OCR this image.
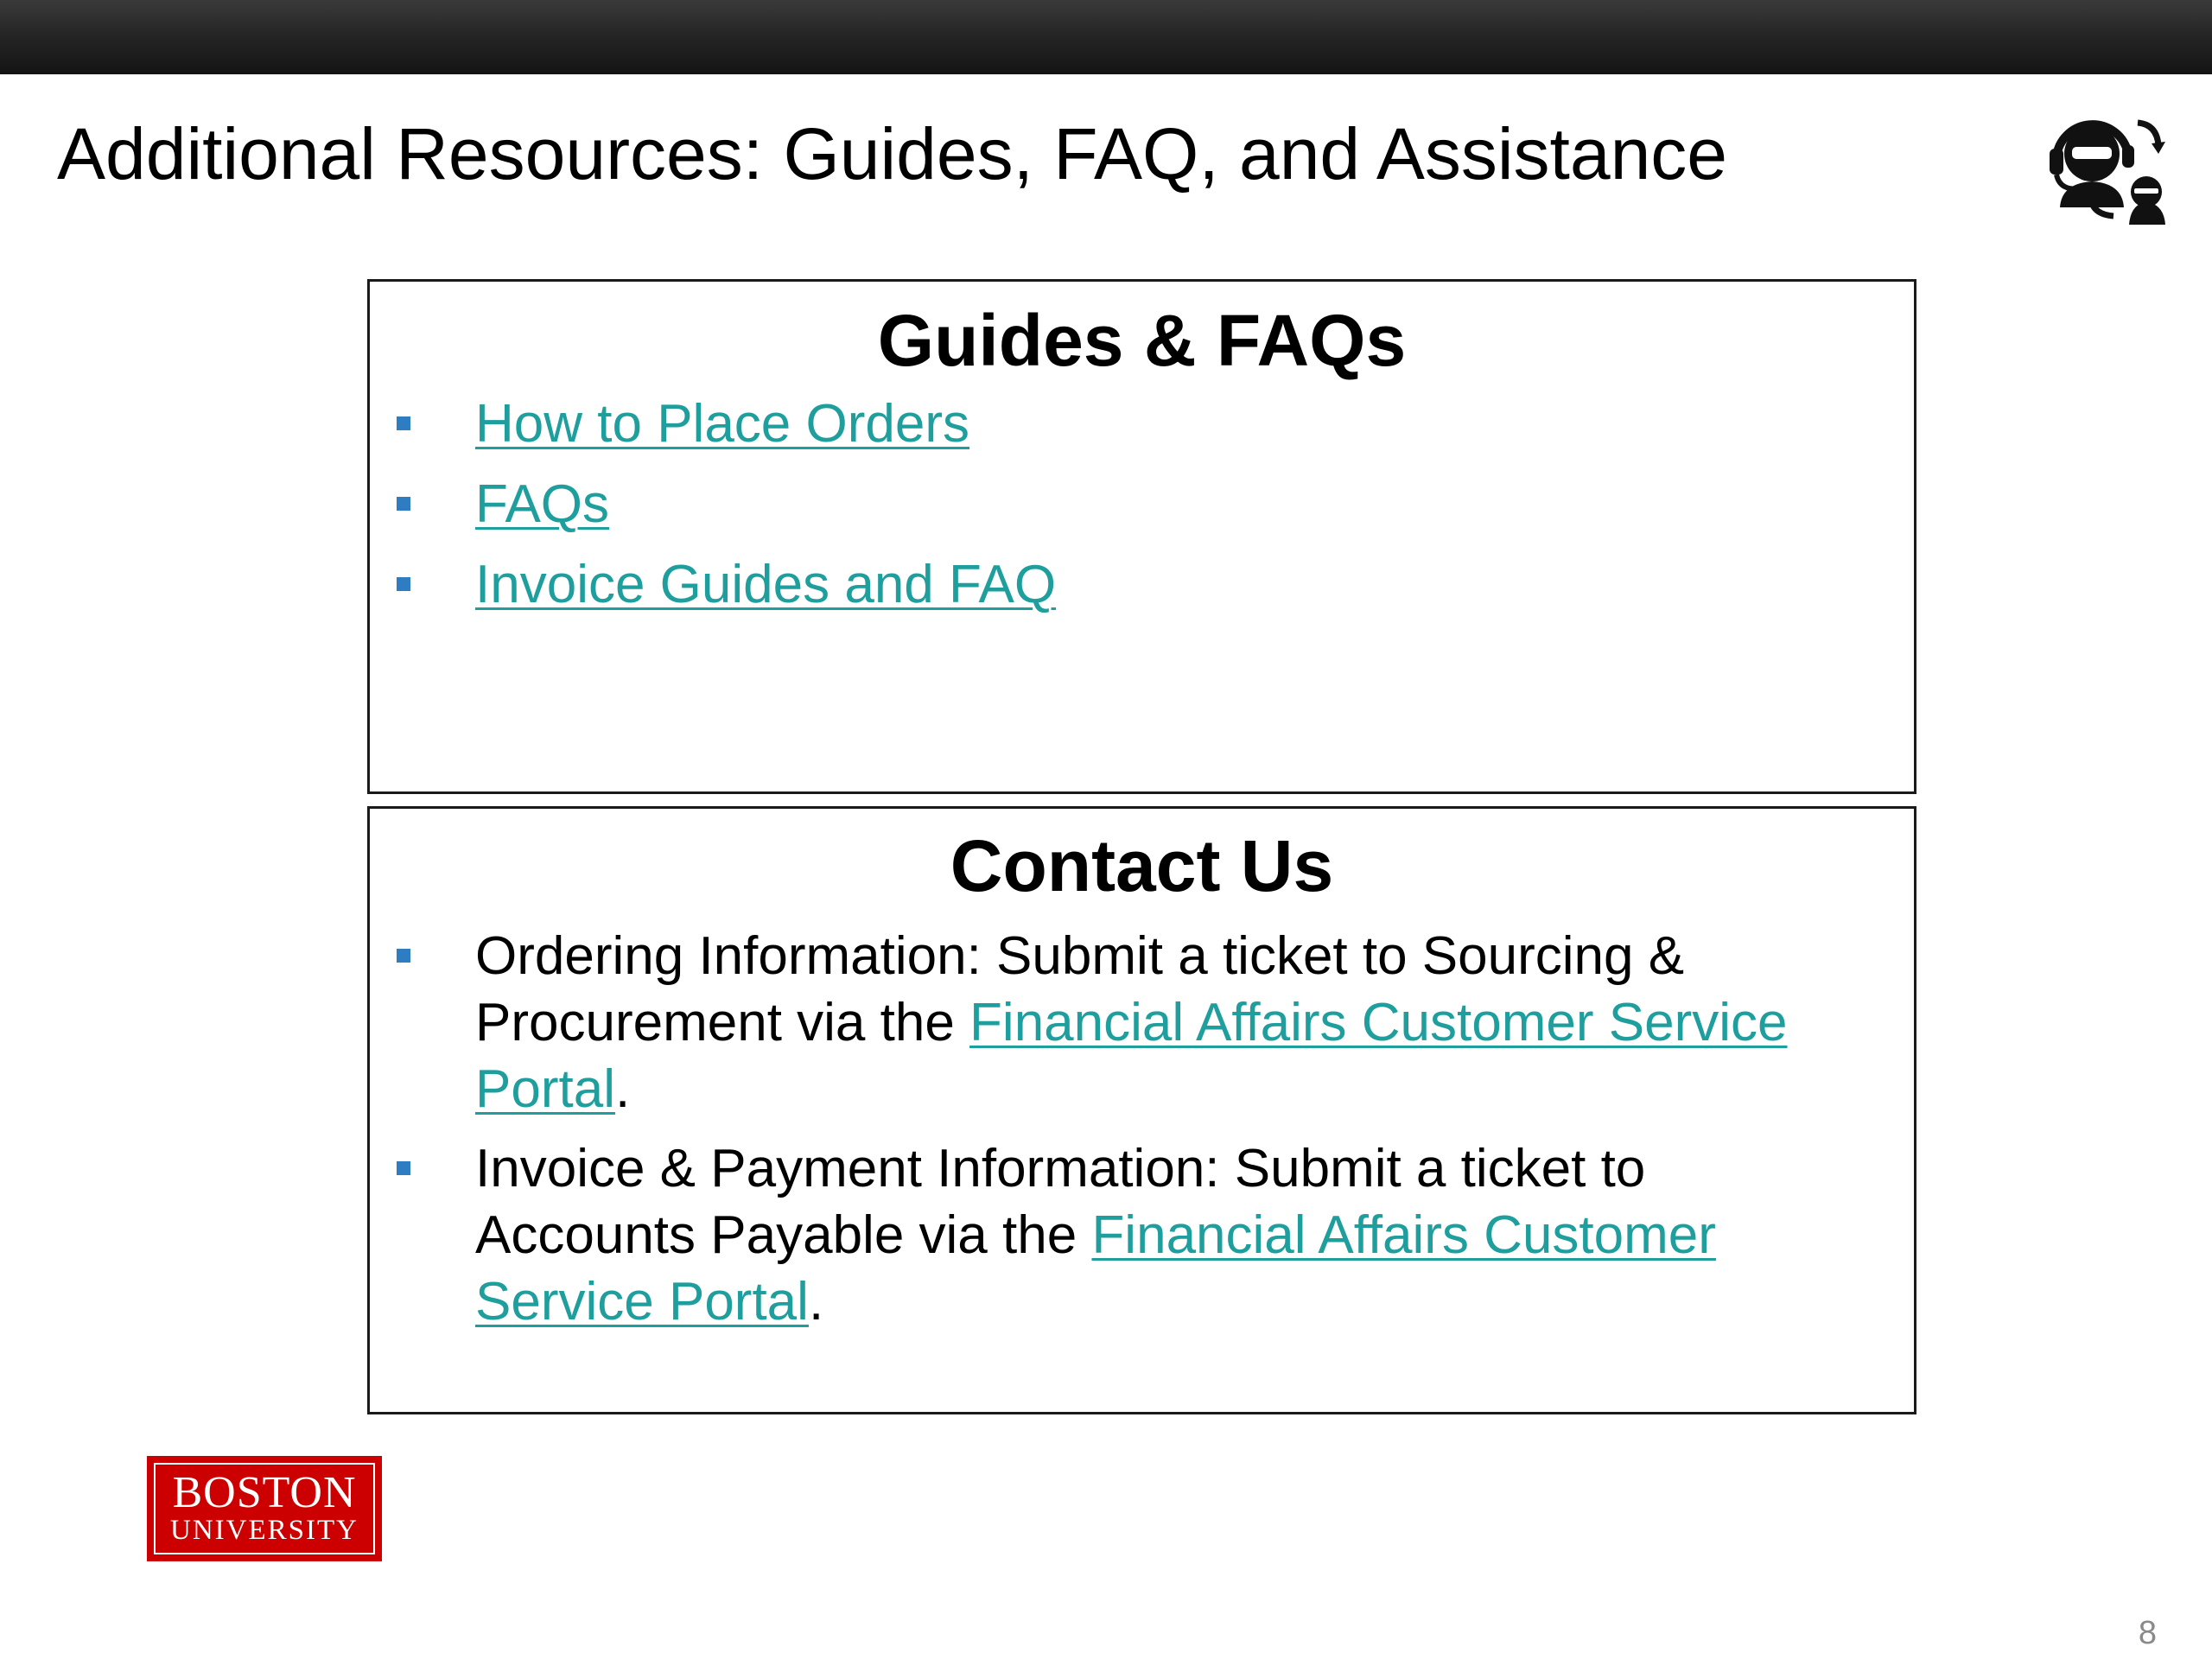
Additional Resources: Guides, FAQ, and Assistance
Guides & FAQs
How to Place Orders
FAQs
Invoice Guides and FAQ
Contact Us
Ordering Information: Submit a ticket to Sourcing & Procurement via the Financial Affairs Customer Service Portal.
Invoice & Payment Information: Submit a ticket to Accounts Payable via the Financial Affairs Customer Service Portal.
BOSTON
UNIVERSITY
8
